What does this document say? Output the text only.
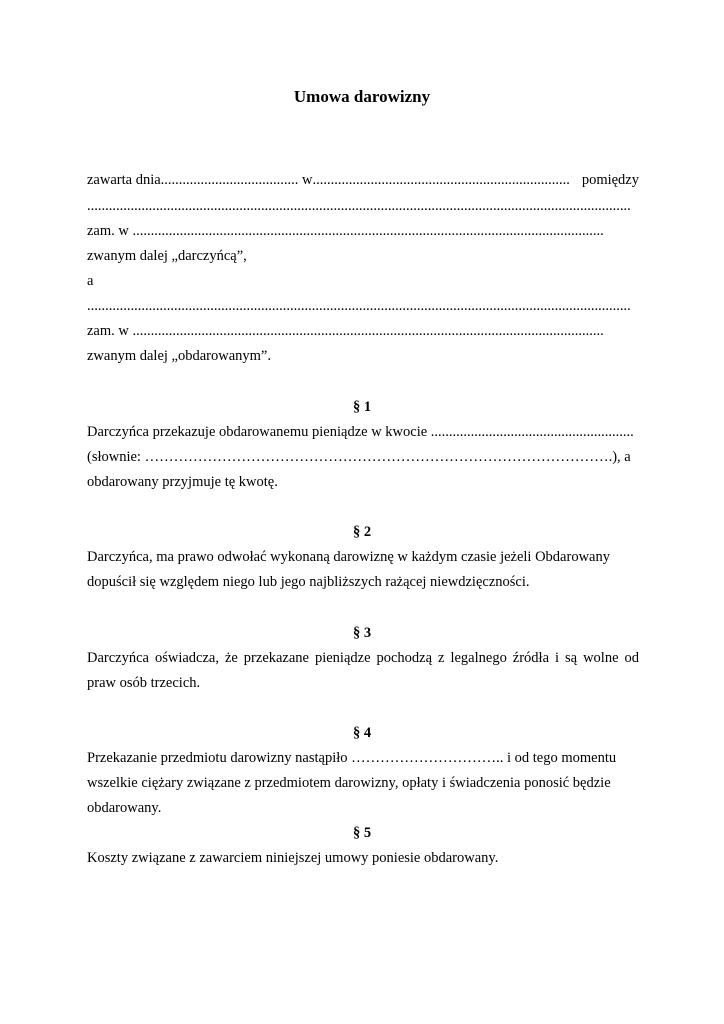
Umowa darowizny
zawarta dnia...................................... w ....................................................................... pomiędzy
......................................................................................................................................................
zam. w ..................................................................................................................................
zwanym dalej „darczyńcą”,
a
......................................................................................................................................................
zam. w ..................................................................................................................................
zwanym dalej „obdarowanym”.
§ 1
Darczyńca przekazuje obdarowanemu pieniądze w kwocie ........................................................
(słownie: …………………………………………………………………………………….), a
obdarowany przyjmuje tę kwotę.
§ 2
Darczyńca, ma prawo odwołać wykonaną darowiznę w każdym czasie jeżeli Obdarowany
dopuścił się względem niego lub jego najbliższych rażącej niewdzięczności.
§ 3
Darczyńca oświadcza, że przekazane pieniądze pochodzą z legalnego źródła i są wolne od
praw osób trzecich.
§ 4
Przekazanie przedmiotu darowizny nastąpiło ………………………….. i od tego momentu
wszelkie ciężary związane z przedmiotem darowizny, opłaty i świadczenia ponosić będzie
obdarowany.
§ 5
Koszty związane z zawarciem niniejszej umowy poniesie obdarowany.
